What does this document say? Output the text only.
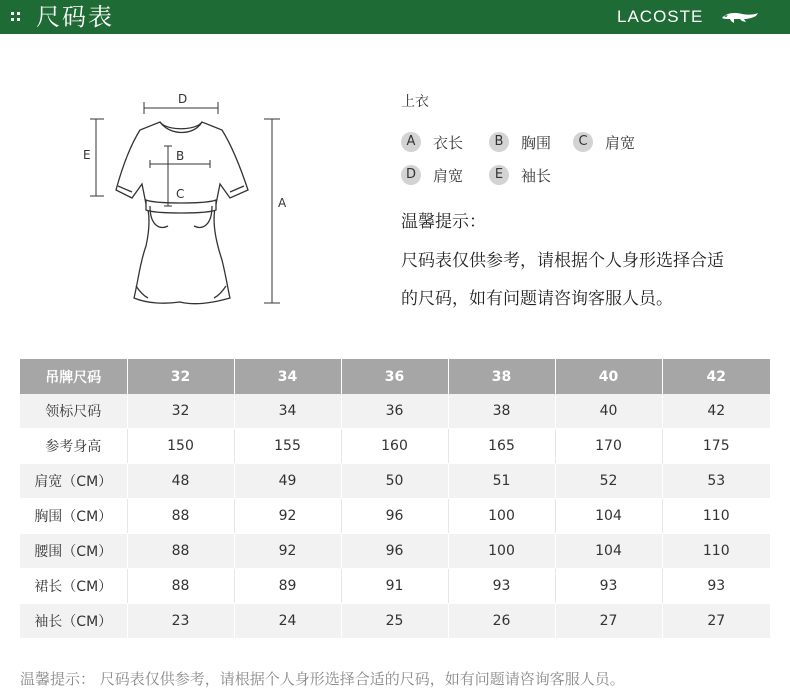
尺码表	LACOSTE
D
E
A
B
C
上衣
A	衣长	B	胸围	C	肩宽
D	肩宽	E	袖长
温馨提示：
尺码表仅供参考，请根据个人身形选择合适
的尺码，如有问题请咨询客服人员。
吊牌尺码	32	34	36	38	40	42
领标尺码	32	34	36	38	40	42
参考身高	150	155	160	165	170	175
肩宽（CM）	48	49	50	51	52	53
胸围（CM）	88	92	96	100	104	110
腰围（CM）	88	92	96	100	104	110
裙长（CM）	88	89	91	93	93	93
袖长（CM）	23	24	25	26	27	27
温馨提示： 尺码表仅供参考，请根据个人身形选择合适的尺码，如有问题请咨询客服人员。
